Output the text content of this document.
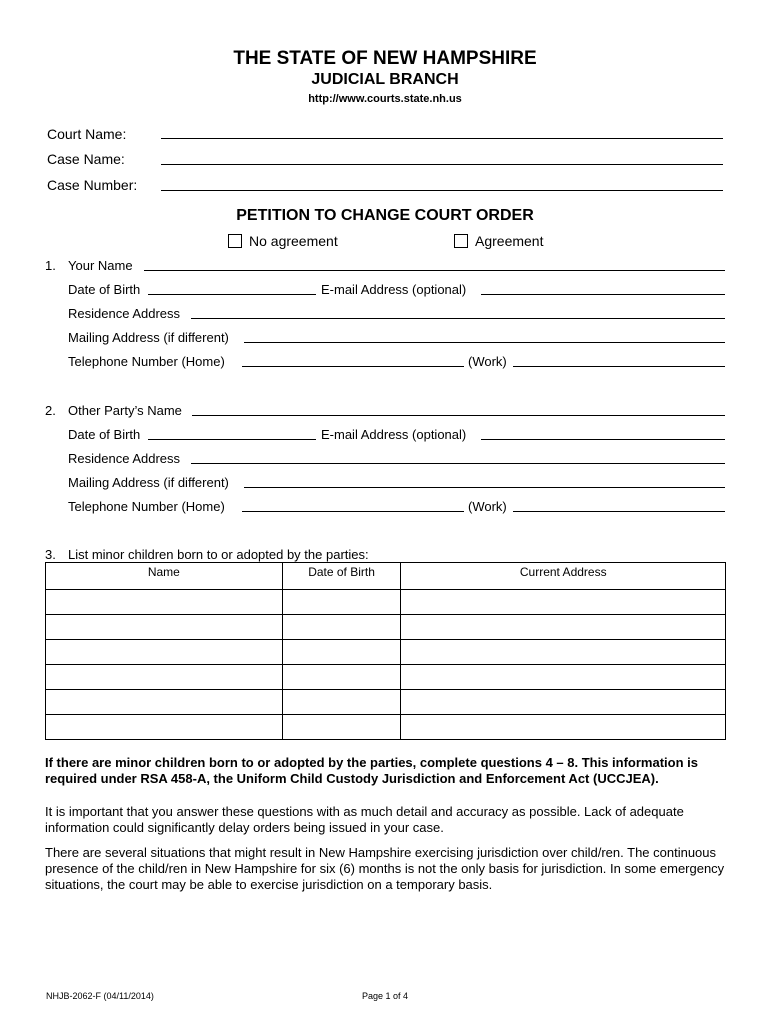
THE STATE OF NEW HAMPSHIRE
JUDICIAL BRANCH
http://www.courts.state.nh.us
Court Name:
Case Name:
Case Number:
PETITION TO CHANGE COURT ORDER
No agreement	Agreement
1. Your Name
Date of Birth	E-mail Address (optional)
Residence Address
Mailing Address (if different)
Telephone Number (Home)	(Work)
2. Other Party’s Name
Date of Birth	E-mail Address (optional)
Residence Address
Mailing Address (if different)
Telephone Number (Home)	(Work)
3. List minor children born to or adopted by the parties:
Name	Date of Birth	Current Address

If there are minor children born to or adopted by the parties, complete questions 4 – 8. This information is required under RSA 458-A, the Uniform Child Custody Jurisdiction and Enforcement Act (UCCJEA).
It is important that you answer these questions with as much detail and accuracy as possible. Lack of adequate information could significantly delay orders being issued in your case.
There are several situations that might result in New Hampshire exercising jurisdiction over child/ren. The continuous presence of the child/ren in New Hampshire for six (6) months is not the only basis for jurisdiction. In some emergency situations, the court may be able to exercise jurisdiction on a temporary basis.
NHJB-2062-F (04/11/2014)	Page 1 of 4
